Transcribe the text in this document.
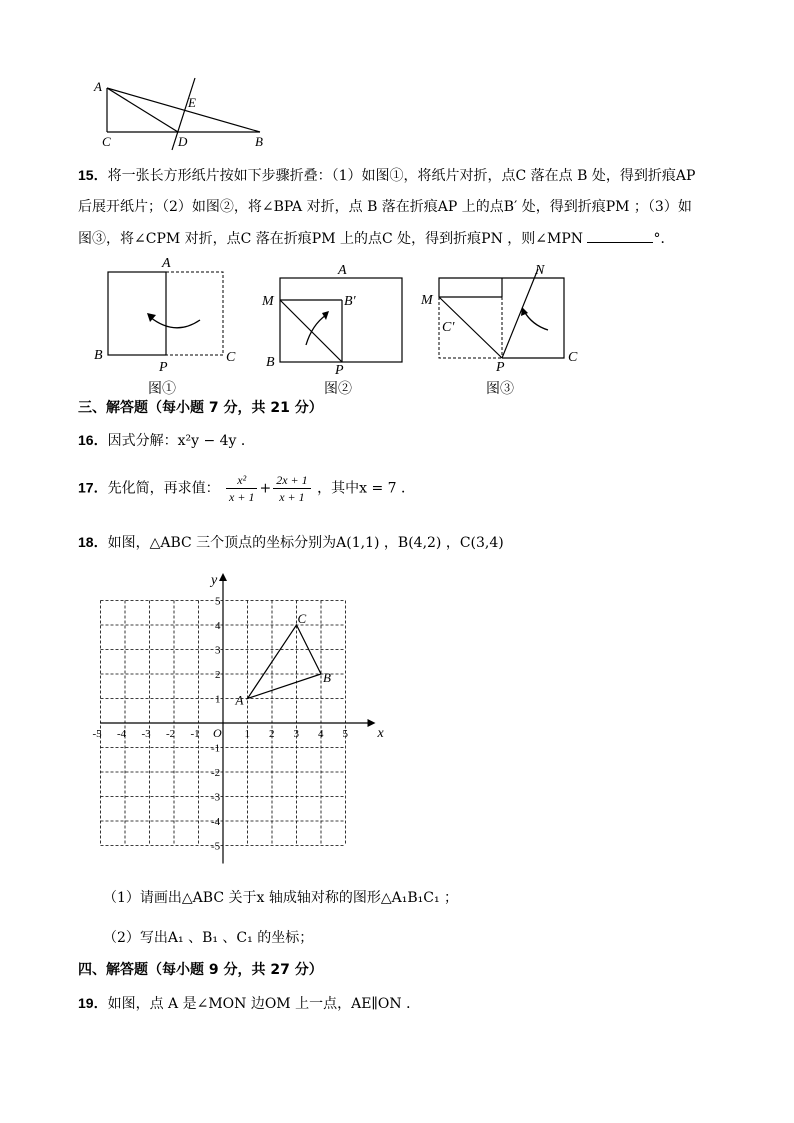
A
E
C	D	B
15．将一张长方形纸片按如下步骤折叠：（1）如图①，将纸片对折，点C 落在点 B 处，得到折痕AP
后展开纸片；（2）如图②，将∠BPA 对折，点 B 落在折痕AP 上的点B′ 处，得到折痕PM ；（3）如
图③，将∠CPM 对折，点C 落在折痕PM 上的点C 处，得到折痕PN ，则∠MPN	°．
A
B
P
C
图①
A
M	B′
B
P
图②
N
M
C′
P
C
图③
三、解答题（每小题 7 分，共 21 分）
16．因式分解：x²y − 4y ．
17．先化简，再求值： $\frac{\text{x²}}{x + 1} + \frac{2x + 1}{x + 1}$ ，其中x = 7 ．
18．如图，△ABC 三个顶点的坐标分别为A(1,1) ，B(4,2) ，C(3,4)
x
y
O
-5 -4 -3 -2 -1	1 2 3 4 5
1
2
3
4
5
-1
-2
-3
-4
-5
A
B
C
（1）请画出△ABC 关于x 轴成轴对称的图形△A₁B₁C₁ ；
（2）写出A₁ 、B₁ 、C₁ 的坐标；
四、解答题（每小题 9 分，共 27 分）
19．如图，点 A 是∠MON 边OM 上一点，AE∥ON ．
